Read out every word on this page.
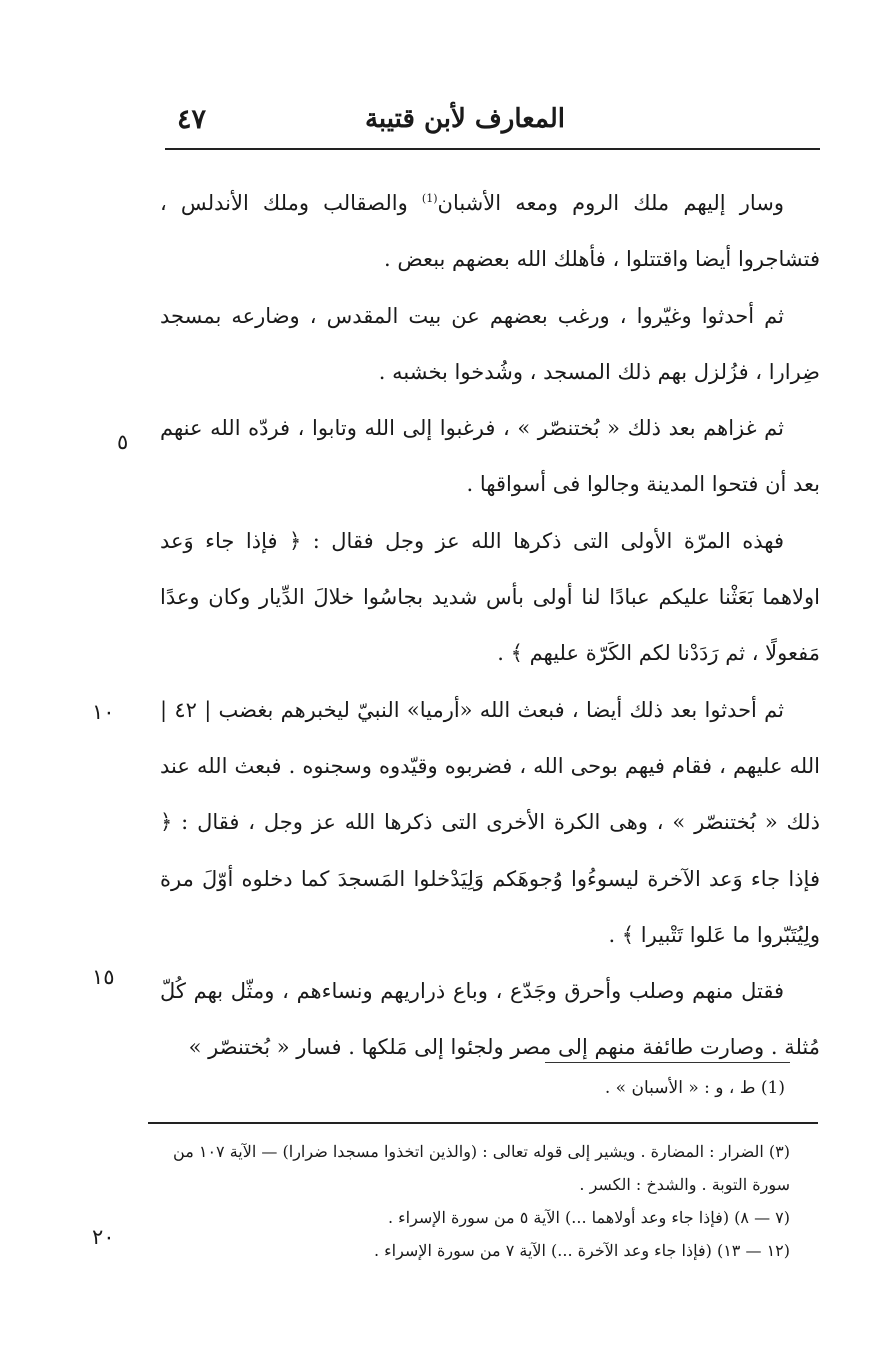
المعارف لأبن قتيبة
٤٧

وسار إليهم ملك الروم ومعه الأشبان$^{(1)}$ والصقالب وملك الأندلس ، فتشاجروا أيضا واقتتلوا ، فأهلك الله بعضهم ببعض .

ثم أحدثوا وغيّروا ، ورغب بعضهم عن بيت المقدس ، وضارعه بمسجد ضِرارا ، فزُلزل بهم ذلك المسجد ، وشُدخوا بخشبه .

ثم غزاهم بعد ذلك « بُختنصّر » ، فرغبوا إلى الله وتابوا ، فردّه الله عنهم بعد أن فتحوا المدينة وجالوا فى أسواقها .

فهذه المرّة الأولى التى ذكرها الله عز وجل فقال : ﴿ فإذا جاء وَعد اولاهما بَعَثْنا عليكم عبادًا لنا أولى بأس شديد بجاسُوا خلالَ الدِّيار وكان وعدًا مَفعولًا ، ثم رَدَدْنا لكم الكَرّة عليهم ﴾ .

ثم أحدثوا بعد ذلك أيضا ، فبعث الله «أرميا» النبيّ ليخبرهم بغضب | ٤٢ | الله عليهم ، فقام فيهم بوحى الله ، فضربوه وقيّدوه وسجنوه . فبعث الله عند ذلك « بُختنصّر » ، وهى الكرة الأخرى التى ذكرها الله عز وجل ، فقال : ﴿ فإذا جاء وَعد الآخرة ليسوءُوا وُجوهَكم وَلِيَدْخلوا المَسجدَ كما دخلوه أوّلَ مرة ولِيُتَبّروا ما عَلوا تَتْبيرا ﴾ .

فقتل منهم وصلب وأحرق وجَدّع ، وباع ذراريهم ونساءهم ، ومثّل بهم كُلّ مُثلة . وصارت طائفة منهم إلى مصر ولجئوا إلى مَلكها . فسار « بُختنصّر »

٥
١٠
١٥
٢٠
(1) ط ، و : « الأسبان » .

(٣) الضرار : المضارة . ويشير إلى قوله تعالى : (والذين اتخذوا مسجدا ضرارا) — الآية ١٠٧ من سورة التوبة . والشدخ : الكسر .

(٧ — ٨) (فإذا جاء وعد أولاهما ...) الآية ٥ من سورة الإسراء .

(١٢ — ١٣) (فإذا جاء وعد الآخرة ...) الآية ٧ من سورة الإسراء .
